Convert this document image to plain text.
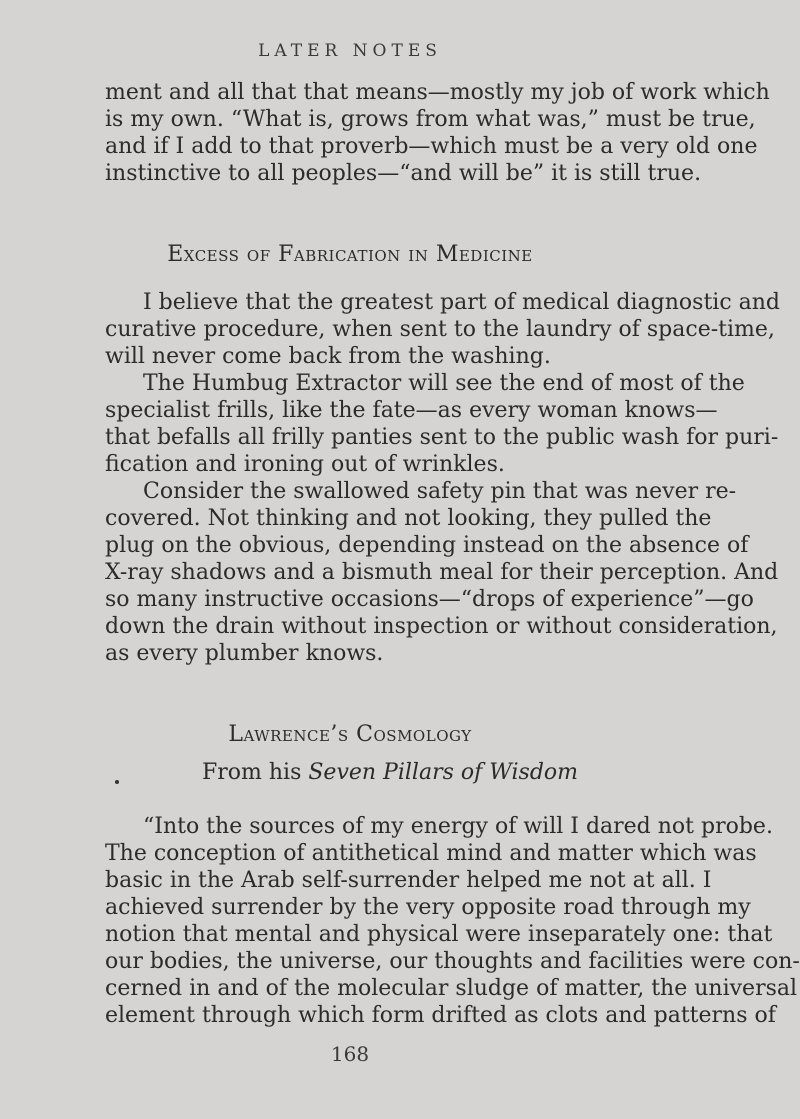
LATER NOTES
ment and all that that means—mostly my job of work which
is my own. “What is, grows from what was,” must be true,
and if I add to that proverb—which must be a very old one
instinctive to all peoples—“and will be” it is still true.
Excess of Fabrication in Medicine
I believe that the greatest part of medical diagnostic and
curative procedure, when sent to the laundry of space-time,
will never come back from the washing.
The Humbug Extractor will see the end of most of the
specialist frills, like the fate—as every woman knows—
that befalls all frilly panties sent to the public wash for puri-
fication and ironing out of wrinkles.
Consider the swallowed safety pin that was never re-
covered. Not thinking and not looking, they pulled the
plug on the obvious, depending instead on the absence of
X-ray shadows and a bismuth meal for their perception. And
so many instructive occasions—“drops of experience”—go
down the drain without inspection or without consideration,
as every plumber knows.
Lawrence’s Cosmology
From his Seven Pillars of Wisdom
“Into the sources of my energy of will I dared not probe.
The conception of antithetical mind and matter which was
basic in the Arab self-surrender helped me not at all. I
achieved surrender by the very opposite road through my
notion that mental and physical were inseparately one: that
our bodies, the universe, our thoughts and facilities were con-
cerned in and of the molecular sludge of matter, the universal
element through which form drifted as clots and patterns of
168
